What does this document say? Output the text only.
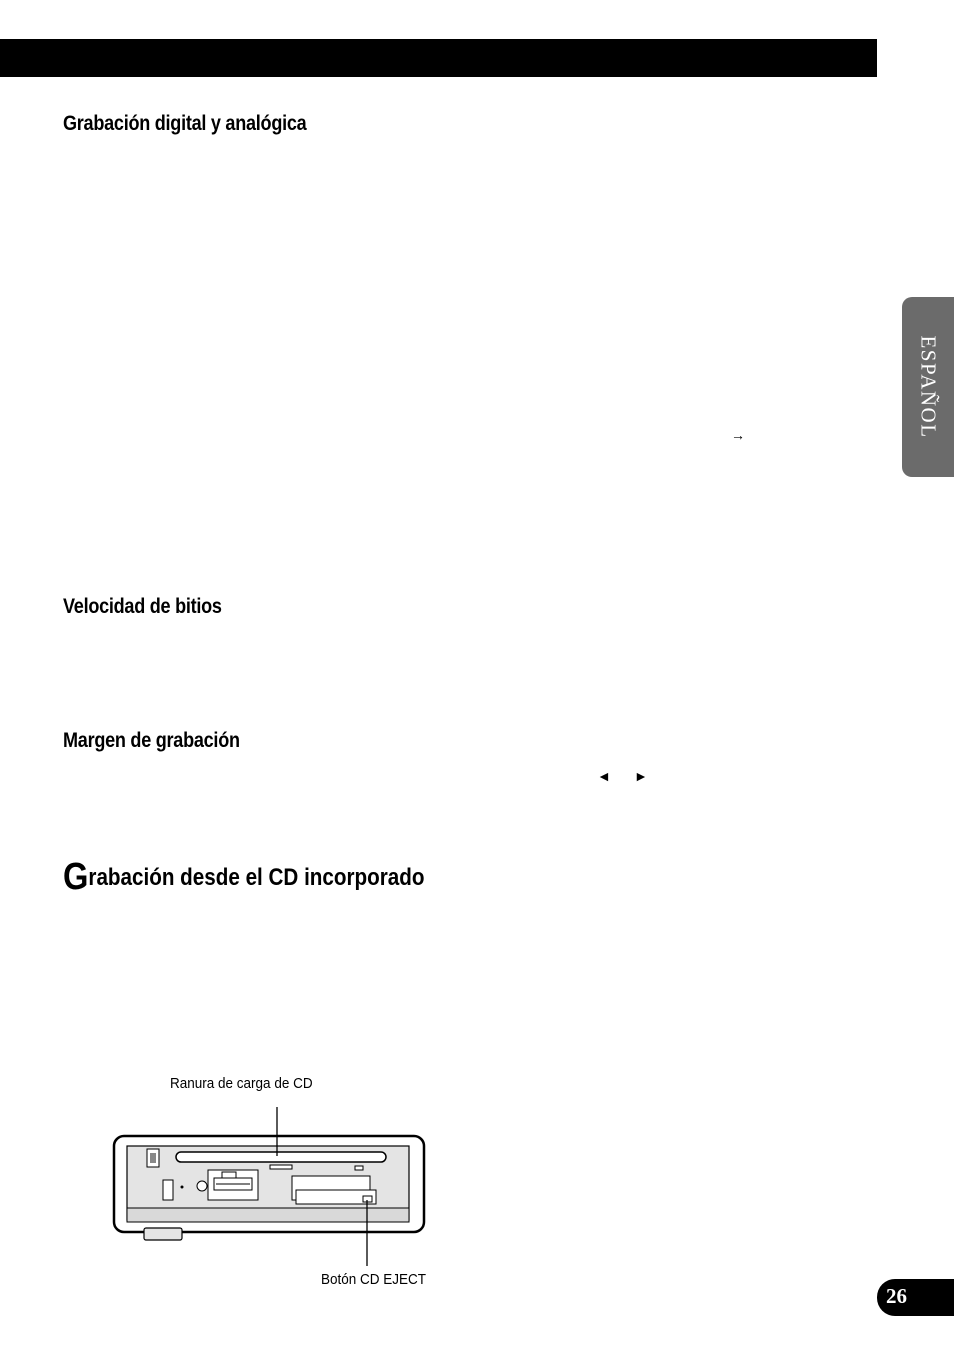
Grabación digital y analógica
→
Velocidad de bitios
Margen de grabación
◄ ►
Grabación desde el CD incorporado
ESPAÑOL
26
Ranura de carga de CD
Botón CD EJECT
